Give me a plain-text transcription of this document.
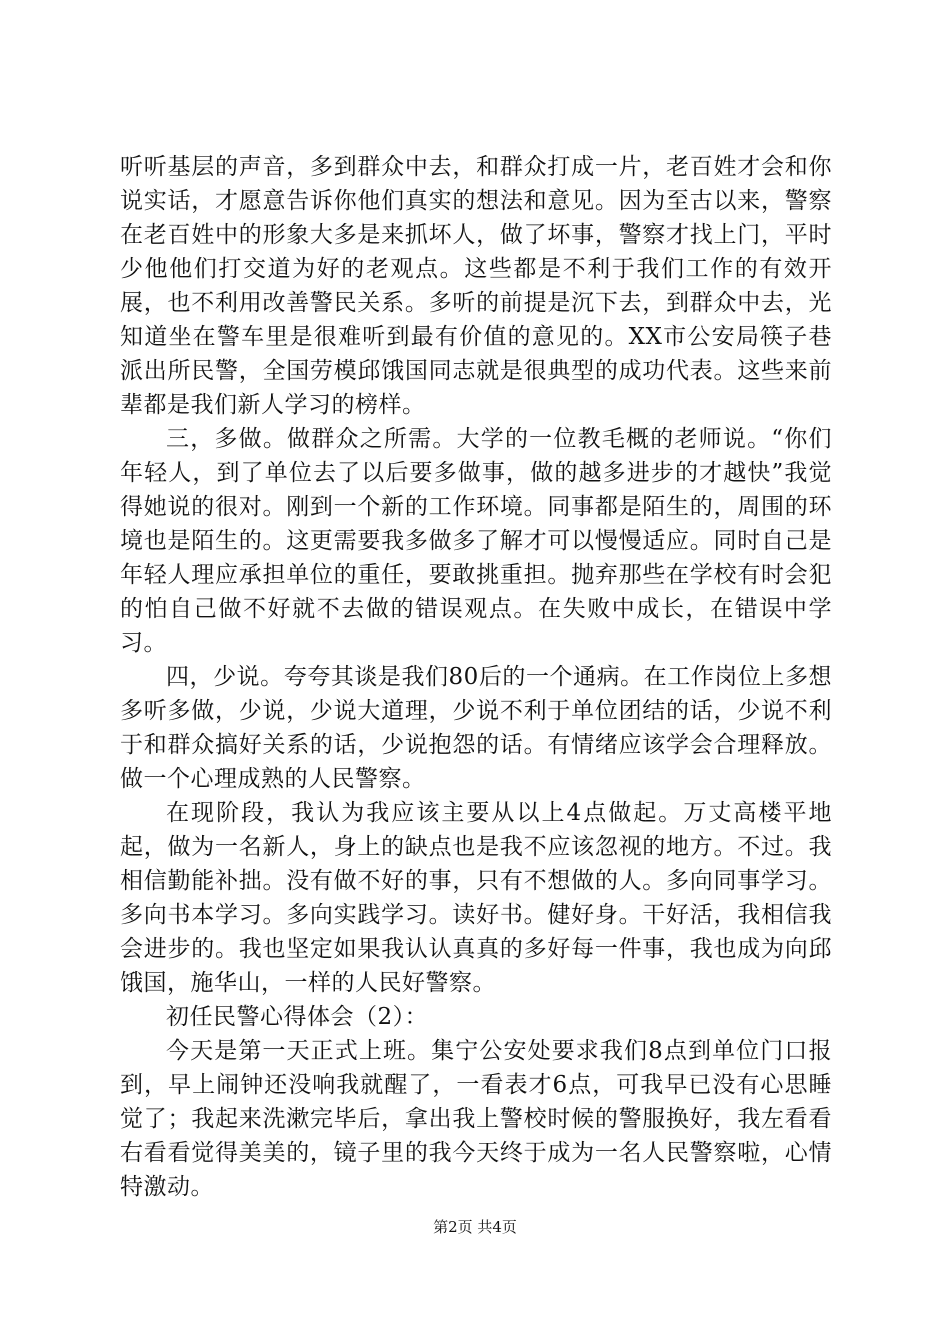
听听基层的声音，多到群众中去，和群众打成一片，老百姓才会和你说实话，才愿意告诉你他们真实的想法和意见。因为至古以来，警察在老百姓中的形象大多是来抓坏人，做了坏事，警察才找上门，平时少他他们打交道为好的老观点。这些都是不利于我们工作的有效开展，也不利用改善警民关系。多听的前提是沉下去，到群众中去，光知道坐在警车里是很难听到最有价值的意见的。XX市公安局筷子巷派出所民警，全国劳模邱饿国同志就是很典型的成功代表。这些来前辈都是我们新人学习的榜样。

三，多做。做群众之所需。大学的一位教毛概的老师说。“你们年轻人，到了单位去了以后要多做事，做的越多进步的才越快”我觉得她说的很对。刚到一个新的工作环境。同事都是陌生的，周围的环境也是陌生的。这更需要我多做多了解才可以慢慢适应。同时自己是年轻人理应承担单位的重任，要敢挑重担。抛弃那些在学校有时会犯的怕自己做不好就不去做的错误观点。在失败中成长，在错误中学习。

四，少说。夸夸其谈是我们80后的一个通病。在工作岗位上多想多听多做，少说，少说大道理，少说不利于单位团结的话，少说不利于和群众搞好关系的话，少说抱怨的话。有情绪应该学会合理释放。做一个心理成熟的人民警察。

在现阶段，我认为我应该主要从以上4点做起。万丈高楼平地起，做为一名新人，身上的缺点也是我不应该忽视的地方。不过。我相信勤能补拙。没有做不好的事，只有不想做的人。多向同事学习。多向书本学习。多向实践学习。读好书。健好身。干好活，我相信我会进步的。我也坚定如果我认认真真的多好每一件事，我也成为向邱饿国，施华山，一样的人民好警察。

初任民警心得体会（2）：

今天是第一天正式上班。集宁公安处要求我们8点到单位门口报到，早上闹钟还没响我就醒了，一看表才6点，可我早已没有心思睡觉了；我起来洗漱完毕后，拿出我上警校时候的警服换好，我左看看右看看觉得美美的，镜子里的我今天终于成为一名人民警察啦，心情特激动。

第2页 共4页
